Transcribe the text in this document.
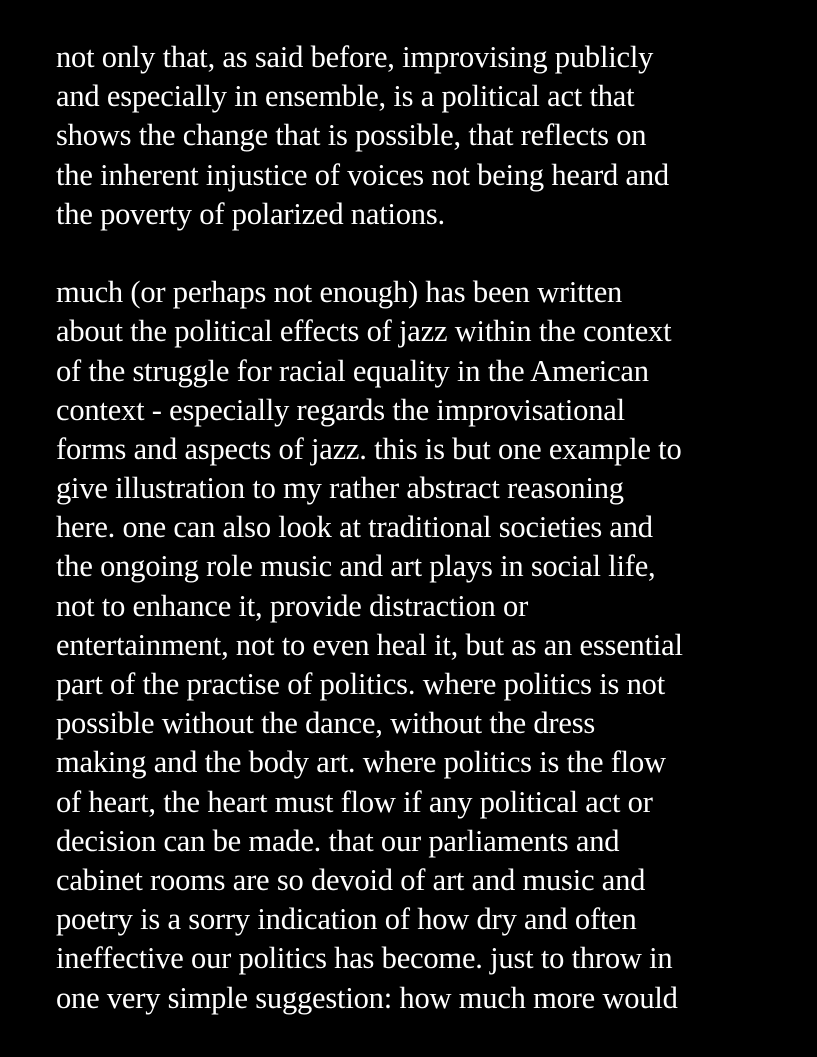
not only that, as said before, improvising publicly
and especially in ensemble, is a political act that
shows the change that is possible, that reflects on
the inherent injustice of voices not being heard and
the poverty of polarized nations.
much (or perhaps not enough) has been written
about the political effects of jazz within the context
of the struggle for racial equality in the American
context - especially regards the improvisational
forms and aspects of jazz. this is but one example to
give illustration to my rather abstract reasoning
here. one can also look at traditional societies and
the ongoing role music and art plays in social life,
not to enhance it, provide distraction or
entertainment, not to even heal it, but as an essential
part of the practise of politics. where politics is not
possible without the dance, without the dress
making and the body art. where politics is the flow
of heart, the heart must flow if any political act or
decision can be made. that our parliaments and
cabinet rooms are so devoid of art and music and
poetry is a sorry indication of how dry and often
ineffective our politics has become. just to throw in
one very simple suggestion: how much more would
